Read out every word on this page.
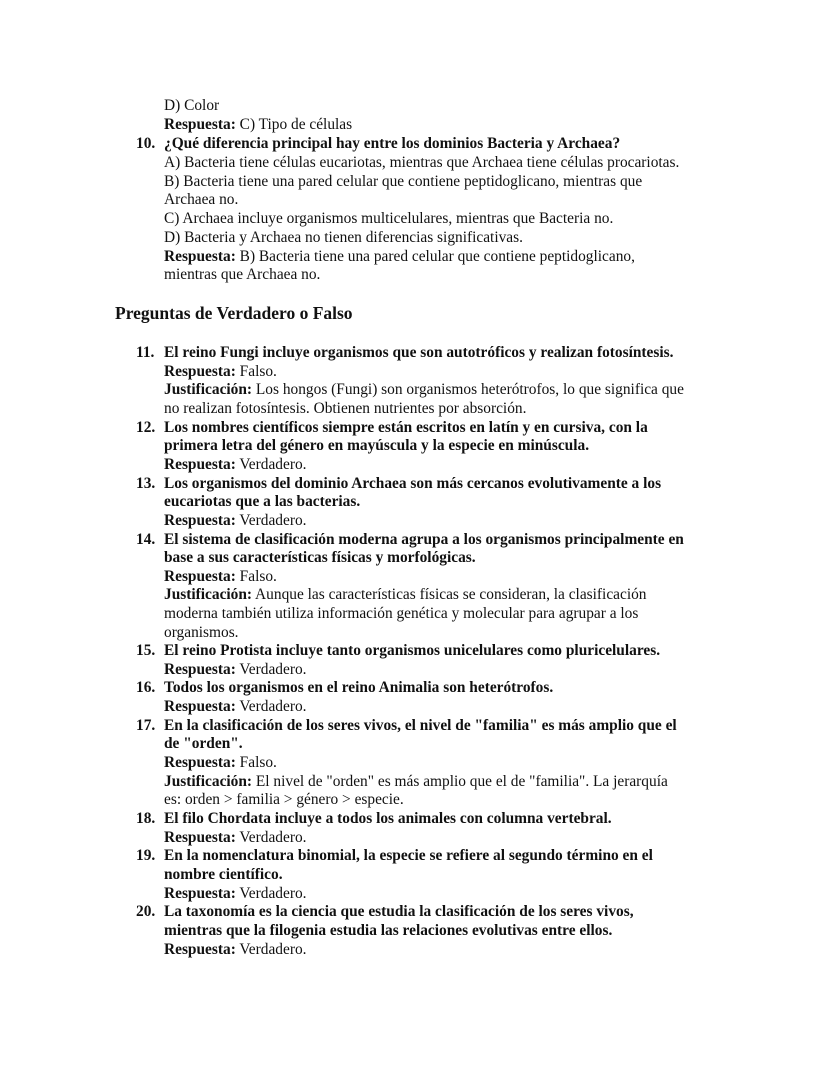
D) Color
Respuesta: C) Tipo de células
10. ¿Qué diferencia principal hay entre los dominios Bacteria y Archaea?
A) Bacteria tiene células eucariotas, mientras que Archaea tiene células procariotas.
B) Bacteria tiene una pared celular que contiene peptidoglicano, mientras que
Archaea no.
C) Archaea incluye organismos multicelulares, mientras que Bacteria no.
D) Bacteria y Archaea no tienen diferencias significativas.
Respuesta: B) Bacteria tiene una pared celular que contiene peptidoglicano,
mientras que Archaea no.
Preguntas de Verdadero o Falso
11. El reino Fungi incluye organismos que son autotróficos y realizan fotosíntesis.
Respuesta: Falso.
Justificación: Los hongos (Fungi) son organismos heterótrofos, lo que significa que
no realizan fotosíntesis. Obtienen nutrientes por absorción.
12. Los nombres científicos siempre están escritos en latín y en cursiva, con la
primera letra del género en mayúscula y la especie en minúscula.
Respuesta: Verdadero.
13. Los organismos del dominio Archaea son más cercanos evolutivamente a los
eucariotas que a las bacterias.
Respuesta: Verdadero.
14. El sistema de clasificación moderna agrupa a los organismos principalmente en
base a sus características físicas y morfológicas.
Respuesta: Falso.
Justificación: Aunque las características físicas se consideran, la clasificación
moderna también utiliza información genética y molecular para agrupar a los
organismos.
15. El reino Protista incluye tanto organismos unicelulares como pluricelulares.
Respuesta: Verdadero.
16. Todos los organismos en el reino Animalia son heterótrofos.
Respuesta: Verdadero.
17. En la clasificación de los seres vivos, el nivel de "familia" es más amplio que el
de "orden".
Respuesta: Falso.
Justificación: El nivel de "orden" es más amplio que el de "familia". La jerarquía
es: orden > familia > género > especie.
18. El filo Chordata incluye a todos los animales con columna vertebral.
Respuesta: Verdadero.
19. En la nomenclatura binomial, la especie se refiere al segundo término en el
nombre científico.
Respuesta: Verdadero.
20. La taxonomía es la ciencia que estudia la clasificación de los seres vivos,
mientras que la filogenia estudia las relaciones evolutivas entre ellos.
Respuesta: Verdadero.
